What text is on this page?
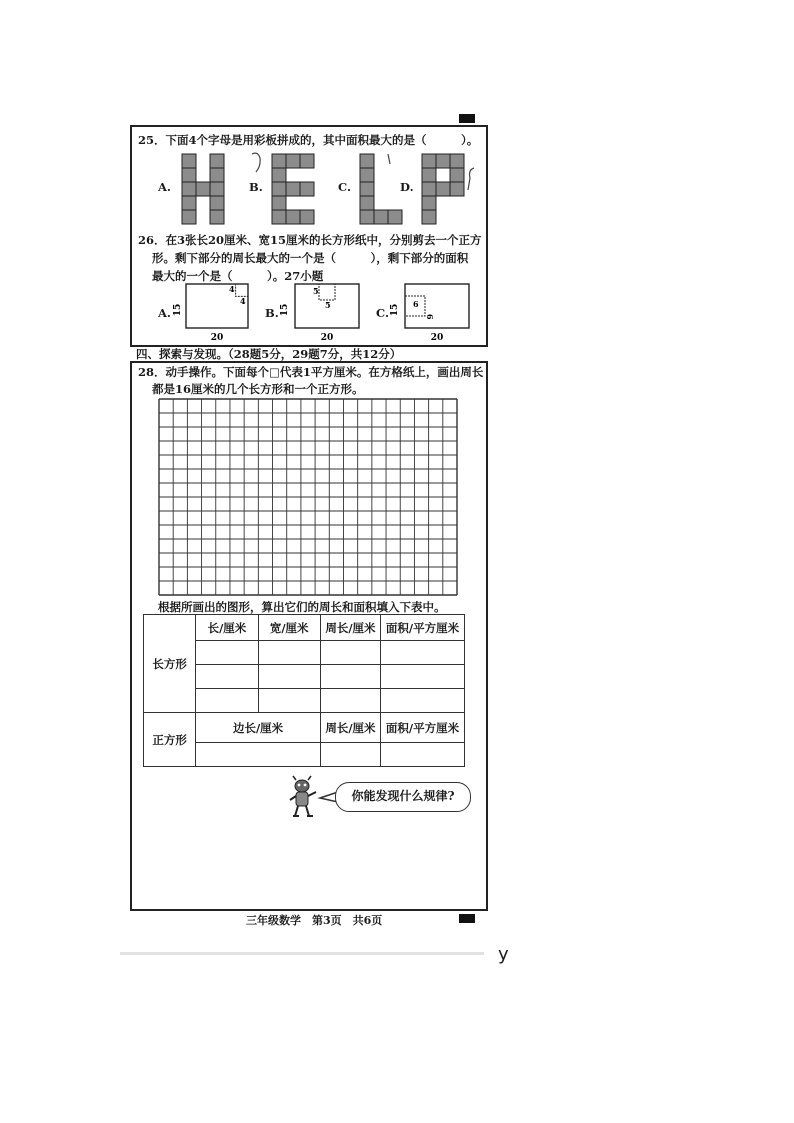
25．下面4个字母是用彩板拼成的，其中面积最大的是（　　　）。
A.	B.	C.	D.
26．在3张长20厘米、宽15厘米的长方形纸中，分别剪去一个正方
形。剩下部分的周长最大的一个是（　　　），剩下部分的面积
最大的一个是（　　　）。27小题
A.	B.	C.
15
4
4
20
15
5
5
20
15 6
6
20
四、探索与发现。（28题5分，29题7分，共12分）
28．动手操作。下面每个□代表1平方厘米。在方格纸上，画出周长
都是16厘米的几个长方形和一个正方形。
根据所画出的图形，算出它们的周长和面积填入下表中。
长方形	长/厘米	宽/厘米	周长/厘米	面积/平方厘米

正方形	边长/厘米		周长/厘米	面积/平方厘米

你能发现什么规律?
三年级数学　第3页　共6页
y
